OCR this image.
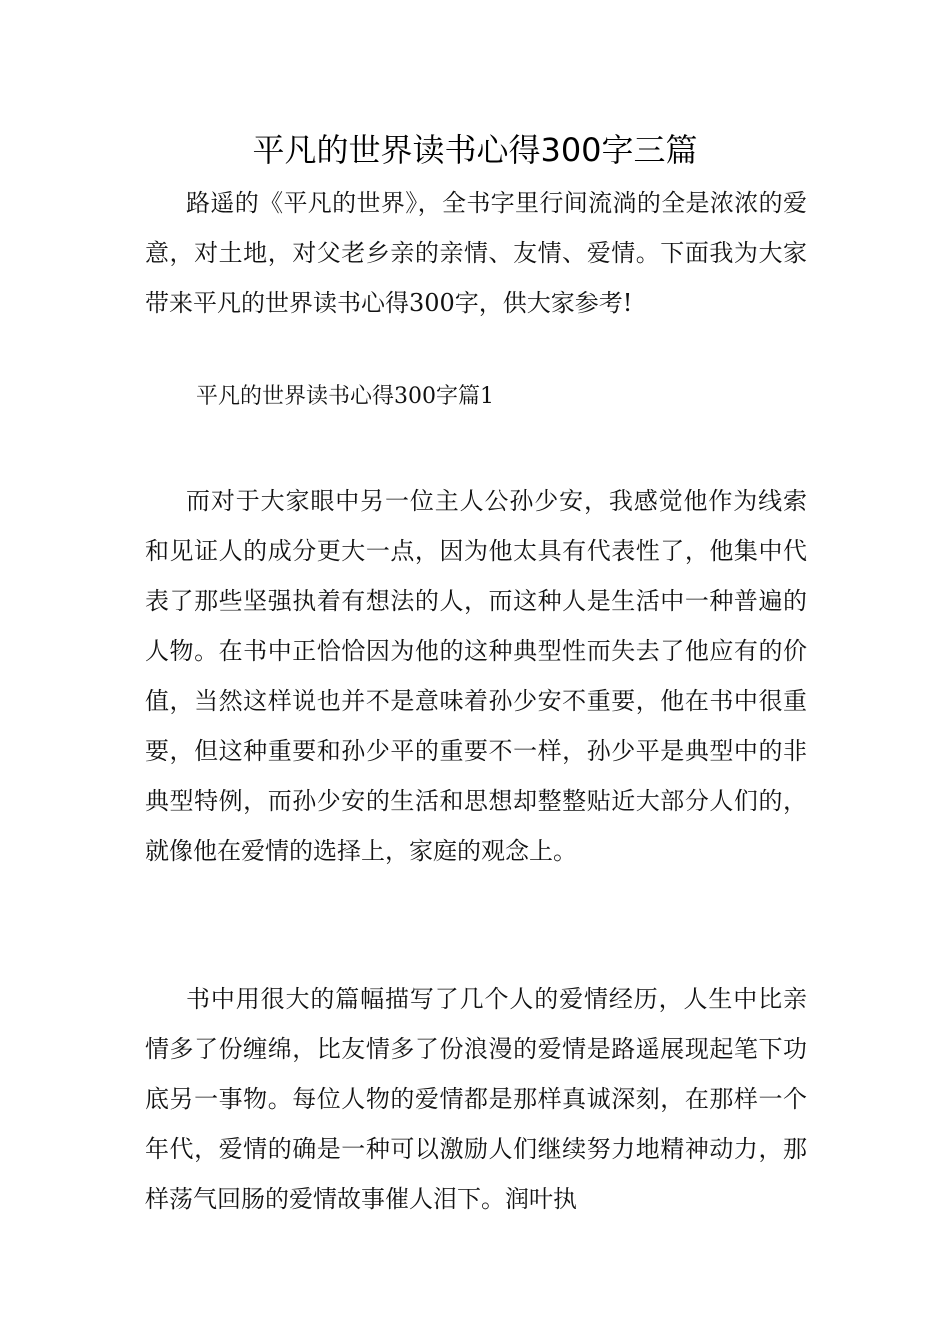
平凡的世界读书心得300字三篇

路遥的《平凡的世界》，全书字里行间流淌的全是浓浓的爱意，对土地，对父老乡亲的亲情、友情、爱情。下面我为大家带来平凡的世界读书心得300字，供大家参考!

平凡的世界读书心得300字篇1

而对于大家眼中另一位主人公孙少安，我感觉他作为线索和见证人的成分更大一点，因为他太具有代表性了，他集中代表了那些坚强执着有想法的人，而这种人是生活中一种普遍的人物。在书中正恰恰因为他的这种典型性而失去了他应有的价值，当然这样说也并不是意味着孙少安不重要，他在书中很重要，但这种重要和孙少平的重要不一样，孙少平是典型中的非典型特例，而孙少安的生活和思想却整整贴近大部分人们的，就像他在爱情的选择上，家庭的观念上。

书中用很大的篇幅描写了几个人的爱情经历，人生中比亲情多了份缠绵，比友情多了份浪漫的爱情是路遥展现起笔下功底另一事物。每位人物的爱情都是那样真诚深刻，在那样一个年代，爱情的确是一种可以激励人们继续努力地精神动力，那样荡气回肠的爱情故事催人泪下。润叶执
